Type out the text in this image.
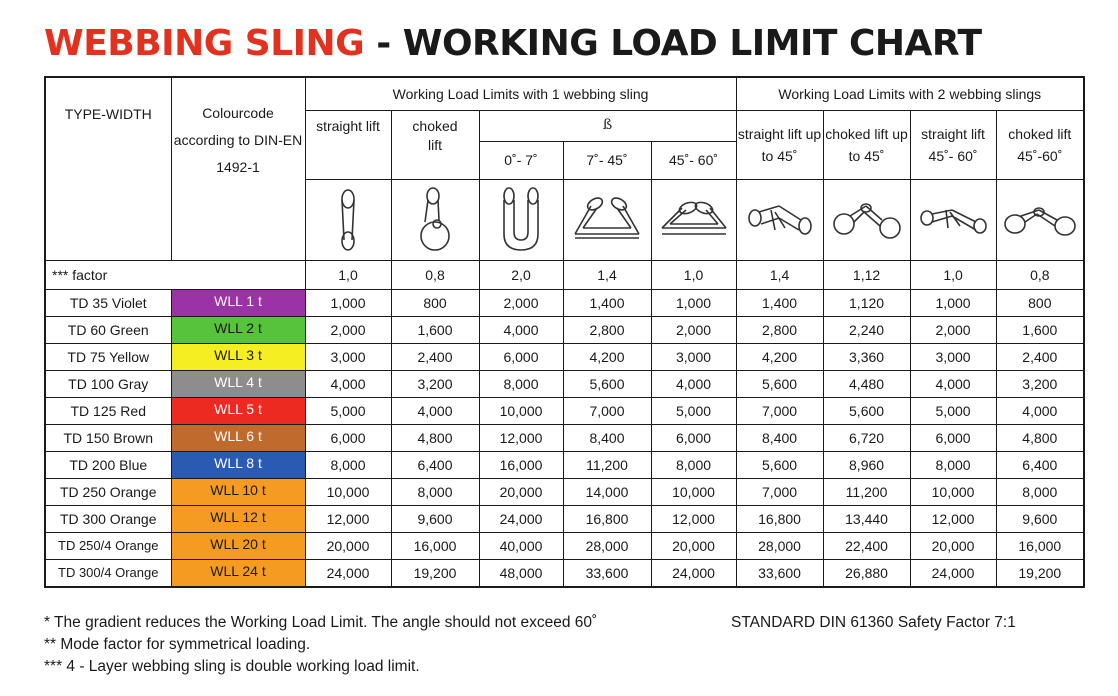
WEBBING SLING - WORKING LOAD LIMIT CHART
TYPE-WIDTH	Colourcode according to DIN-EN 1492-1	Working Load Limits with 1 webbing sling					Working Load Limits with 2 webbing slings			
		straight lift	choked lift	ß			straight lift up to 45˚	choked lift up to 45˚	straight lift 45˚- 60˚	choked lift 45˚-60˚
				0˚- 7˚	7˚- 45˚	45˚- 60˚				

*** factor		1,0	0,8	2,0	1,4	1,0	1,4	1,12	1,0	0,8
TD 35 Violet	WLL 1 t	1,000	800	2,000	1,400	1,000	1,400	1,120	1,000	800
TD 60 Green	WLL 2 t	2,000	1,600	4,000	2,800	2,000	2,800	2,240	2,000	1,600
TD 75 Yellow	WLL 3 t	3,000	2,400	6,000	4,200	3,000	4,200	3,360	3,000	2,400
TD 100 Gray	WLL 4 t	4,000	3,200	8,000	5,600	4,000	5,600	4,480	4,000	3,200
TD 125 Red	WLL 5 t	5,000	4,000	10,000	7,000	5,000	7,000	5,600	5,000	4,000
TD 150 Brown	WLL 6 t	6,000	4,800	12,000	8,400	6,000	8,400	6,720	6,000	4,800
TD 200 Blue	WLL 8 t	8,000	6,400	16,000	11,200	8,000	5,600	8,960	8,000	6,400
TD 250 Orange	WLL 10 t	10,000	8,000	20,000	14,000	10,000	7,000	11,200	10,000	8,000
TD 300 Orange	WLL 12 t	12,000	9,600	24,000	16,800	12,000	16,800	13,440	12,000	9,600
TD 250/4 Orange	WLL 20 t	20,000	16,000	40,000	28,000	20,000	28,000	22,400	20,000	16,000
TD 300/4 Orange	WLL 24 t	24,000	19,200	48,000	33,600	24,000	33,600	26,880	24,000	19,200
* The gradient reduces the Working Load Limit. The angle should not exceed 60˚
** Mode factor for symmetrical loading.
*** 4 - Layer webbing sling is double working load limit.
STANDARD DIN 61360 Safety Factor 7:1
